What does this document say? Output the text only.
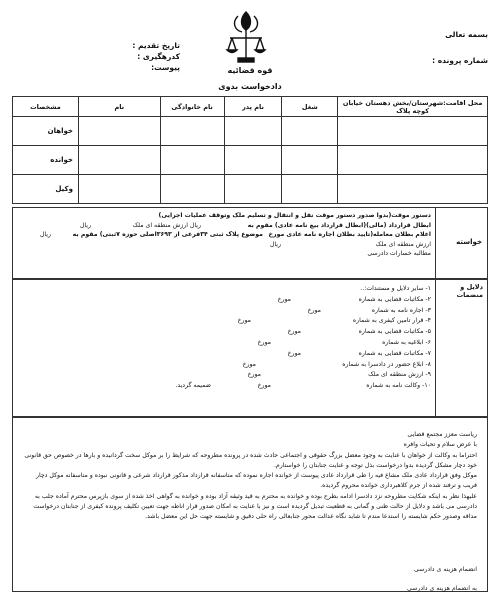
بسمه تعالی
شماره پرونده :
تاریخ تقدیم :
کدرهگیری :
پیوست:	قوه قضائیه
دادخواست بدوی
محل اقامت:شهرستان/بخش دهستان خیابان کوچه پلاک	شغل	نام پدر	نام خانوادگی	نام	مشخصات
					خواهان
					خوانده
					وکیل
خواسته
دستور موقت(بدوا صدور دستور موقت نقل و انتقال و تسلیم ملک وتوقف عملیات اجرایی)
ابطال قرارداد (مالی)(ابطال قرارداد بیع نامه عادی) مقوم به
ریال ارزش منطقه ای ملک
ریال
اعلام بطلان معامله(تایید بطلان اجاره نامه عادی مورخ
موضوع پلاک ثبتی ۳۴فرعی از ۳۶۹۳اصلی حوزه ۷ثبتی) مقوم به
ریال
ارزش منطقه ای ملک
ریال
مطالبه خسارات دادرسی
دلایل و منضمات
۱- سایر دلایل و مستندات:..
۲- مکاتبات قضایی به شماره
مورخ
۳- اجاره نامه به شماره
مورخ
۴- قرار تامین کیفری به شماره
مورخ
۵- مکاتبات قضایی به شماره
مورخ
۶- ابلاغیه به شماره
مورخ
۷- مکاتبات قضایی به شماره
مورخ
۸- ابلاغ حضور در دادسرا به شماره
مورخ
۹- ارزش منطقه ای ملک
مورخ
۱۰- وکالت نامه به شماره
مورخ
ضمیمه گردید.

ریاست معزز مجتمع قضایی

با عرض سلام و تحیات وافره

احتراما به وکالت از خواهان با عنایت به وجود معضل بزرگ حقوقی و اجتماعی حادث شده در پرونده مطروحه که شرایط را بر موکل سخت گردانیده و بارها در خصوص حق قانونی خود دچار مشکل گردیده بدوا درخواست بذل توجه و عنایت جنابتان را خواستارم.

موکل وفق قرارداد عادی ملک مشاع فیه را طی قرارداد عادی پیوست از خوانده اجاره نموده که متاسفانه قرارداد مذکور قرارداد شرعی و قانونی نبوده و متاسفانه موکل دچار فریب و ترفند شده از جرم کلاهبرداری خوانده محروم گردیده.

علیهذا نظر به اینکه شکایت مطروحه نزد دادسرا ادامه بطرح بوده و خوانده به محترم به قید وثیقه آزاد بوده و خوانده به گواهی اخذ شده از سوی بازپرس محترم آماده جلب به دادرسی می باشد و دلایل از حالت ظنی و گمانی به قطعیت تبدیل گردیده است و نیز با عنایت به امکان صدور قرار اناطه جهت تعیین تکلیف پرونده کیفری از جنابتان درخواست مداقه وصدور حکم شایسته را استدعا مندم تا شاید نگاه عدالت محور جنابعالی راه حلی دقیق و شایسته جهت حل این معضل باشد.

انضمام هزینه ی دادرسی
به انضمام هزینه ی دادرسی
